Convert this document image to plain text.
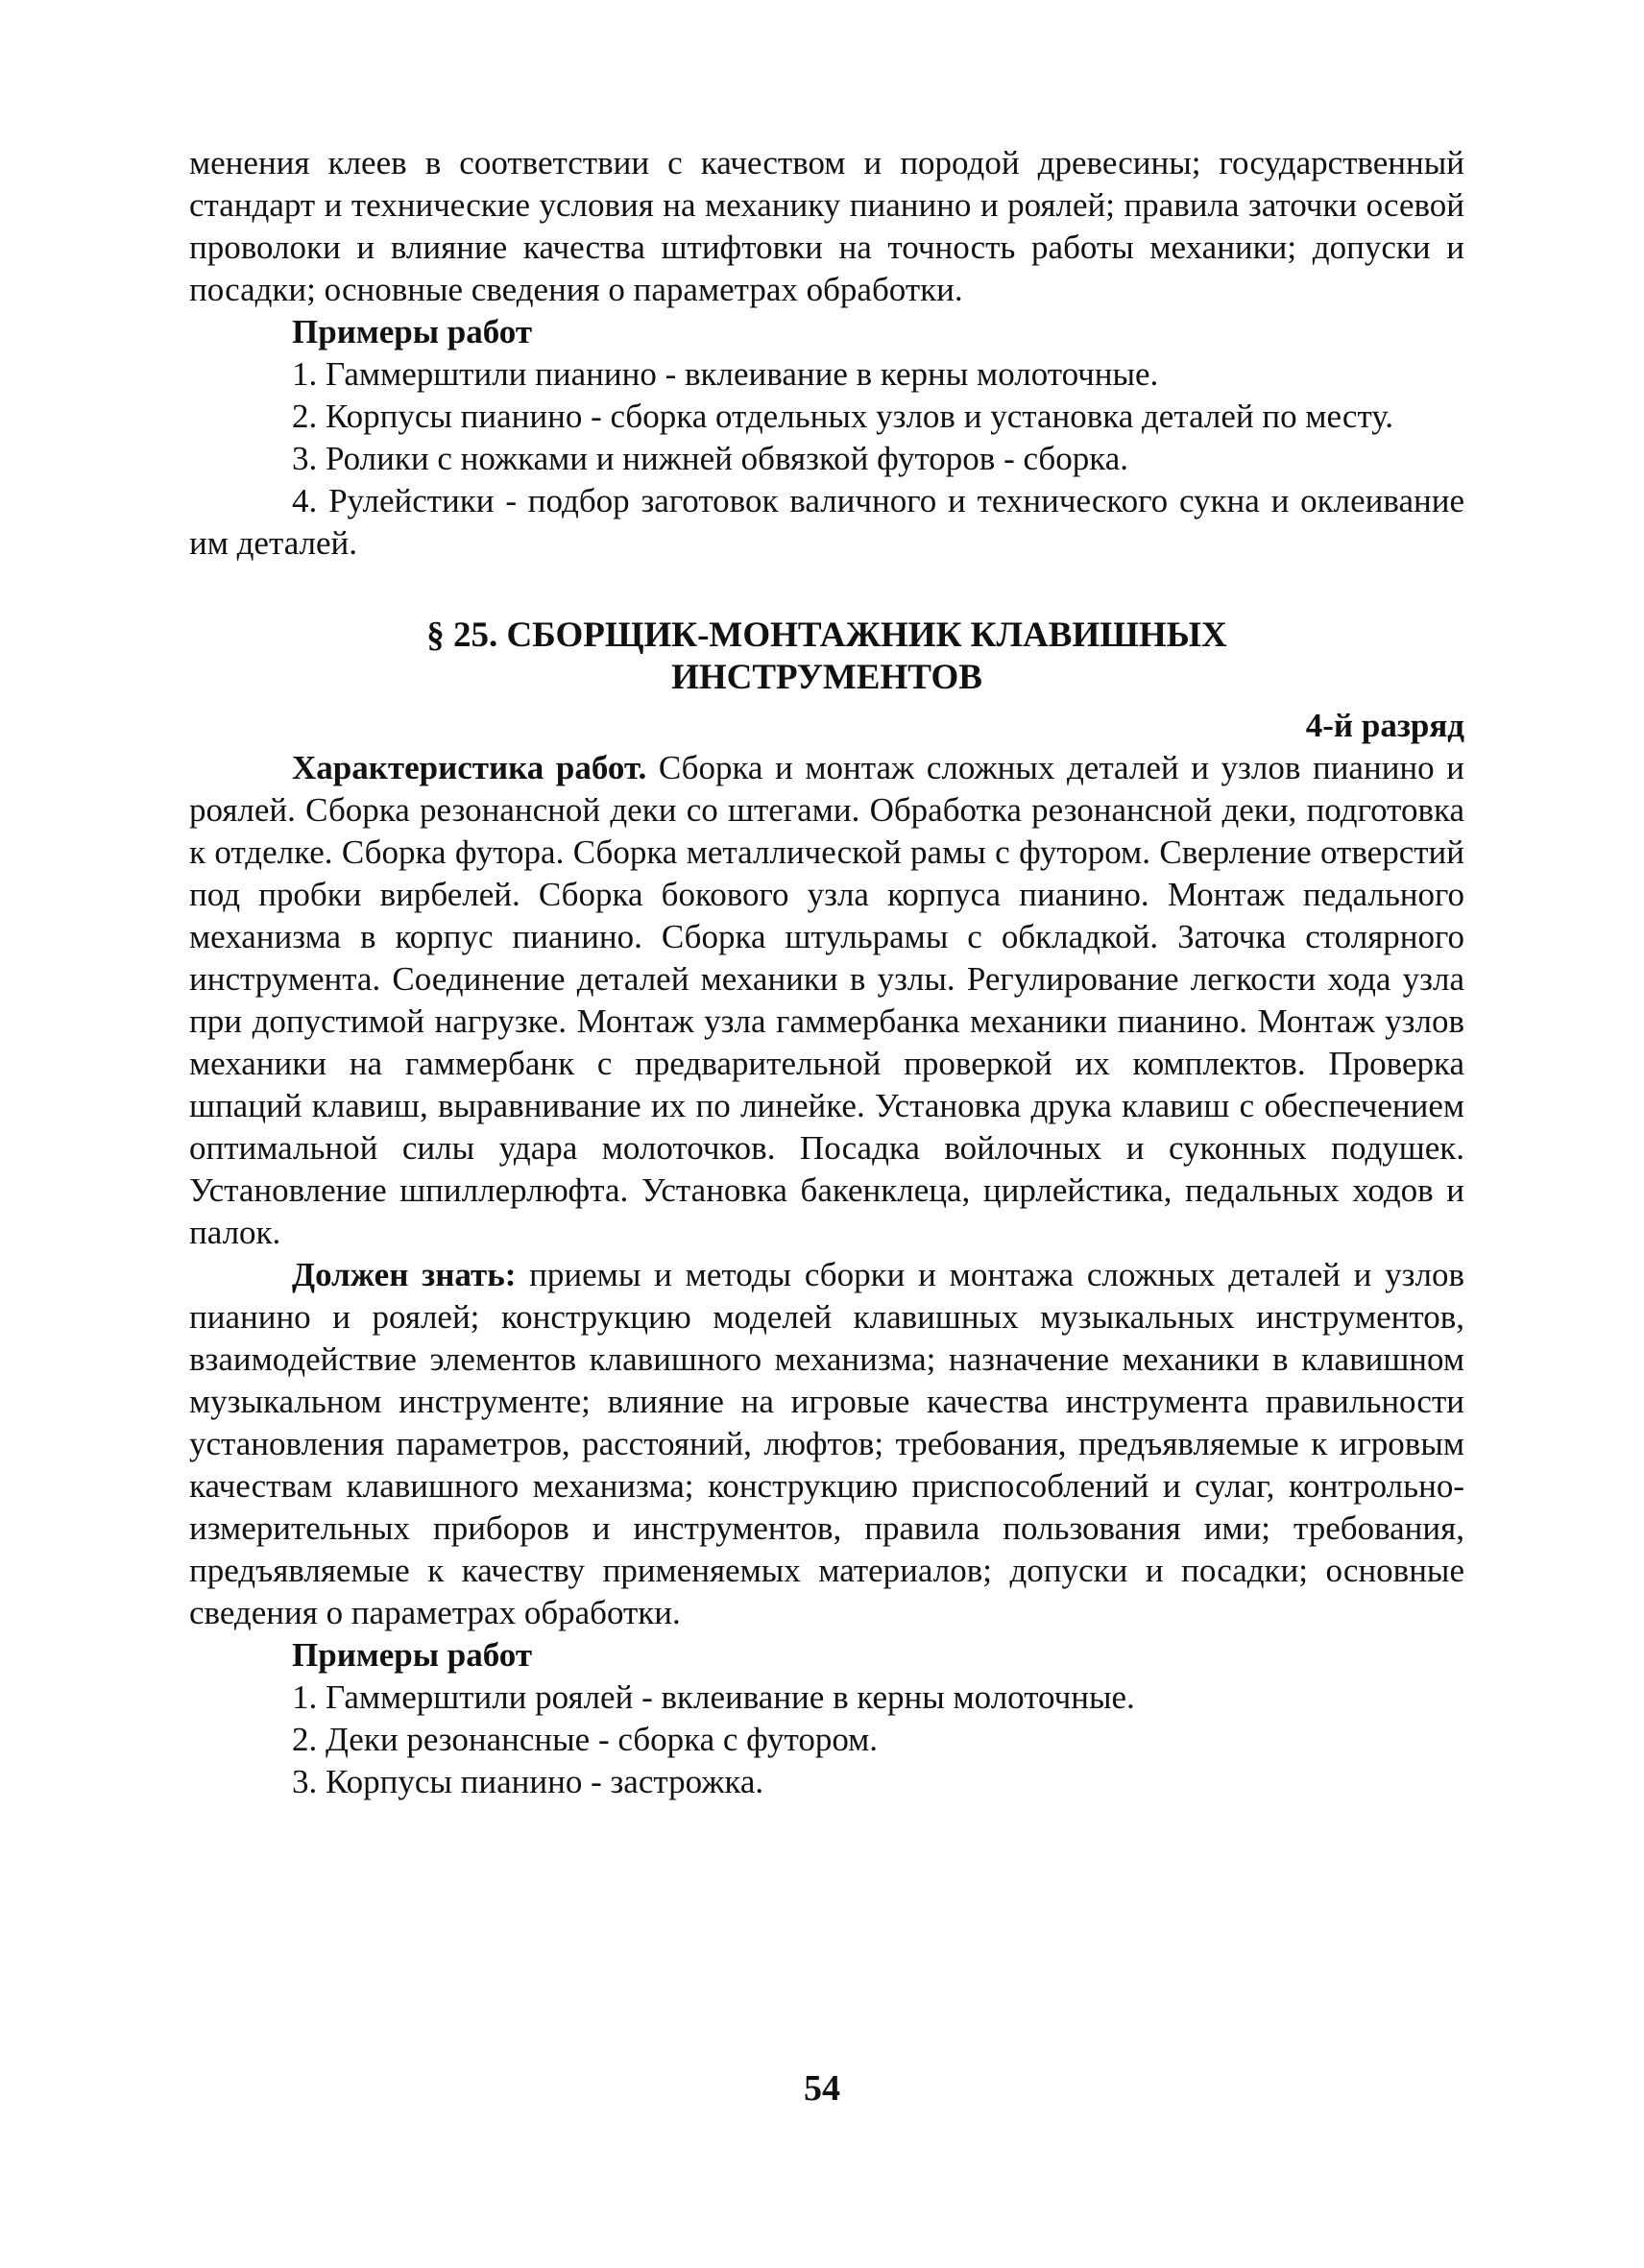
менения клеев в соответствии с качеством и породой древесины; государственный стандарт и технические условия на механику пианино и роялей; правила заточки осевой проволоки и влияние качества штифтовки на точность работы механики; допуски и посадки; основные сведения о параметрах обработки.

Примеры работ

1. Гаммерштили пианино - вклеивание в керны молоточные.

2. Корпусы пианино - сборка отдельных узлов и установка деталей по месту.

3. Ролики с ножками и нижней обвязкой футоров - сборка.

4. Рулейстики - подбор заготовок валичного и технического сукна и оклеивание им деталей.

§ 25. СБОРЩИК-МОНТАЖНИК КЛАВИШНЫХ
ИНСТРУМЕНТОВ

4-й разряд

Характеристика работ. Сборка и монтаж сложных деталей и узлов пианино и роялей. Сборка резонансной деки со штегами. Обработка резонансной деки, подготовка к отделке. Сборка футора. Сборка металлической рамы с футором. Сверление отверстий под пробки вирбелей. Сборка бокового узла корпуса пианино. Монтаж педального механизма в корпус пианино. Сборка штульрамы с обкладкой. Заточка столярного инструмента. Соединение деталей механики в узлы. Регулирование легкости хода узла при допустимой нагрузке. Монтаж узла гаммербанка механики пианино. Монтаж узлов механики на гаммербанк с предварительной проверкой их комплектов. Проверка шпаций клавиш, выравнивание их по линейке. Установка друка клавиш с обеспечением оптимальной силы удара молоточков. Посадка войлочных и суконных подушек. Установление шпиллерлюфта. Установка бакенклеца, цирлейстика, педальных ходов и палок.

Должен знать: приемы и методы сборки и монтажа сложных деталей и узлов пианино и роялей; конструкцию моделей клавишных музыкальных инструментов, взаимодействие элементов клавишного механизма; назначение механики в клавишном музыкальном инструменте; влияние на игровые качества инструмента правильности установления параметров, расстояний, люфтов; требования, предъявляемые к игровым качествам клавишного механизма; конструкцию приспособлений и сулаг, контрольно-измерительных приборов и инструментов, правила пользования ими; требования, предъявляемые к качеству применяемых материалов; допуски и посадки; основные сведения о параметрах обработки.

Примеры работ

1. Гаммерштили роялей - вклеивание в керны молоточные.

2. Деки резонансные - сборка с футором.

3. Корпусы пианино - застрожка.

54
